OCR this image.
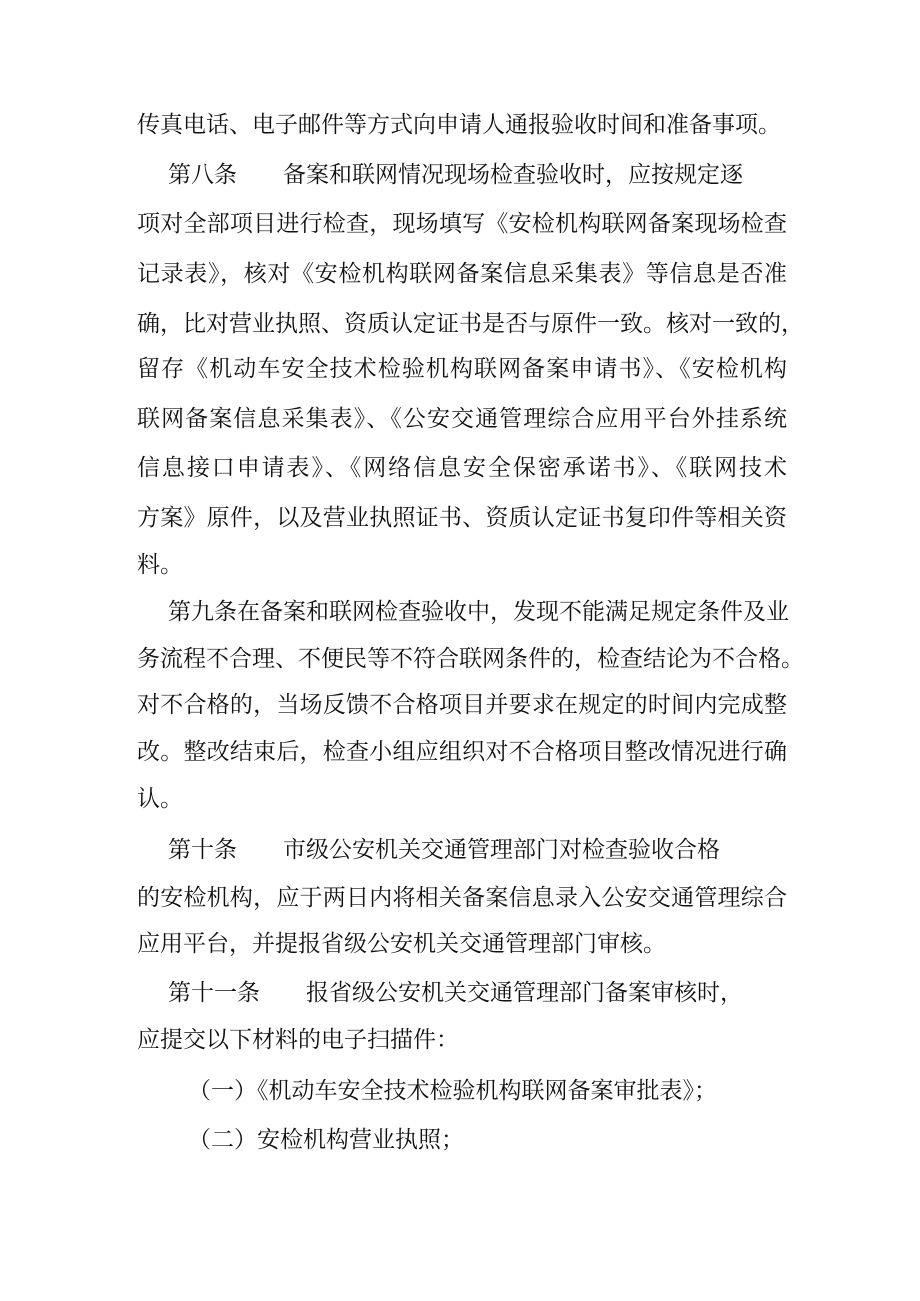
传真电话、电子邮件等方式向申请人通报验收时间和准备事项。

第八条　　备案和联网情况现场检查验收时，应按规定逐

项对全部项目进行检查，现场填写《安检机构联网备案现场检查

记录表》，核对《安检机构联网备案信息采集表》等信息是否准

确，比对营业执照、资质认定证书是否与原件一致。核对一致的，

留存《机动车安全技术检验机构联网备案申请书》、《安检机构

联网备案信息采集表》、《公安交通管理综合应用平台外挂系统

信息接口申请表》、《网络信息安全保密承诺书》、《联网技术

方案》原件，以及营业执照证书、资质认定证书复印件等相关资

料。

第九条在备案和联网检查验收中，发现不能满足规定条件及业

务流程不合理、不便民等不符合联网条件的，检查结论为不合格。

对不合格的，当场反馈不合格项目并要求在规定的时间内完成整

改。整改结束后，检查小组应组织对不合格项目整改情况进行确

认。

第十条　　市级公安机关交通管理部门对检查验收合格

的安检机构，应于两日内将相关备案信息录入公安交通管理综合

应用平台，并提报省级公安机关交通管理部门审核。

第十一条　　报省级公安机关交通管理部门备案审核时，

应提交以下材料的电子扫描件：

（一）《机动车安全技术检验机构联网备案审批表》；

（二）安检机构营业执照；
